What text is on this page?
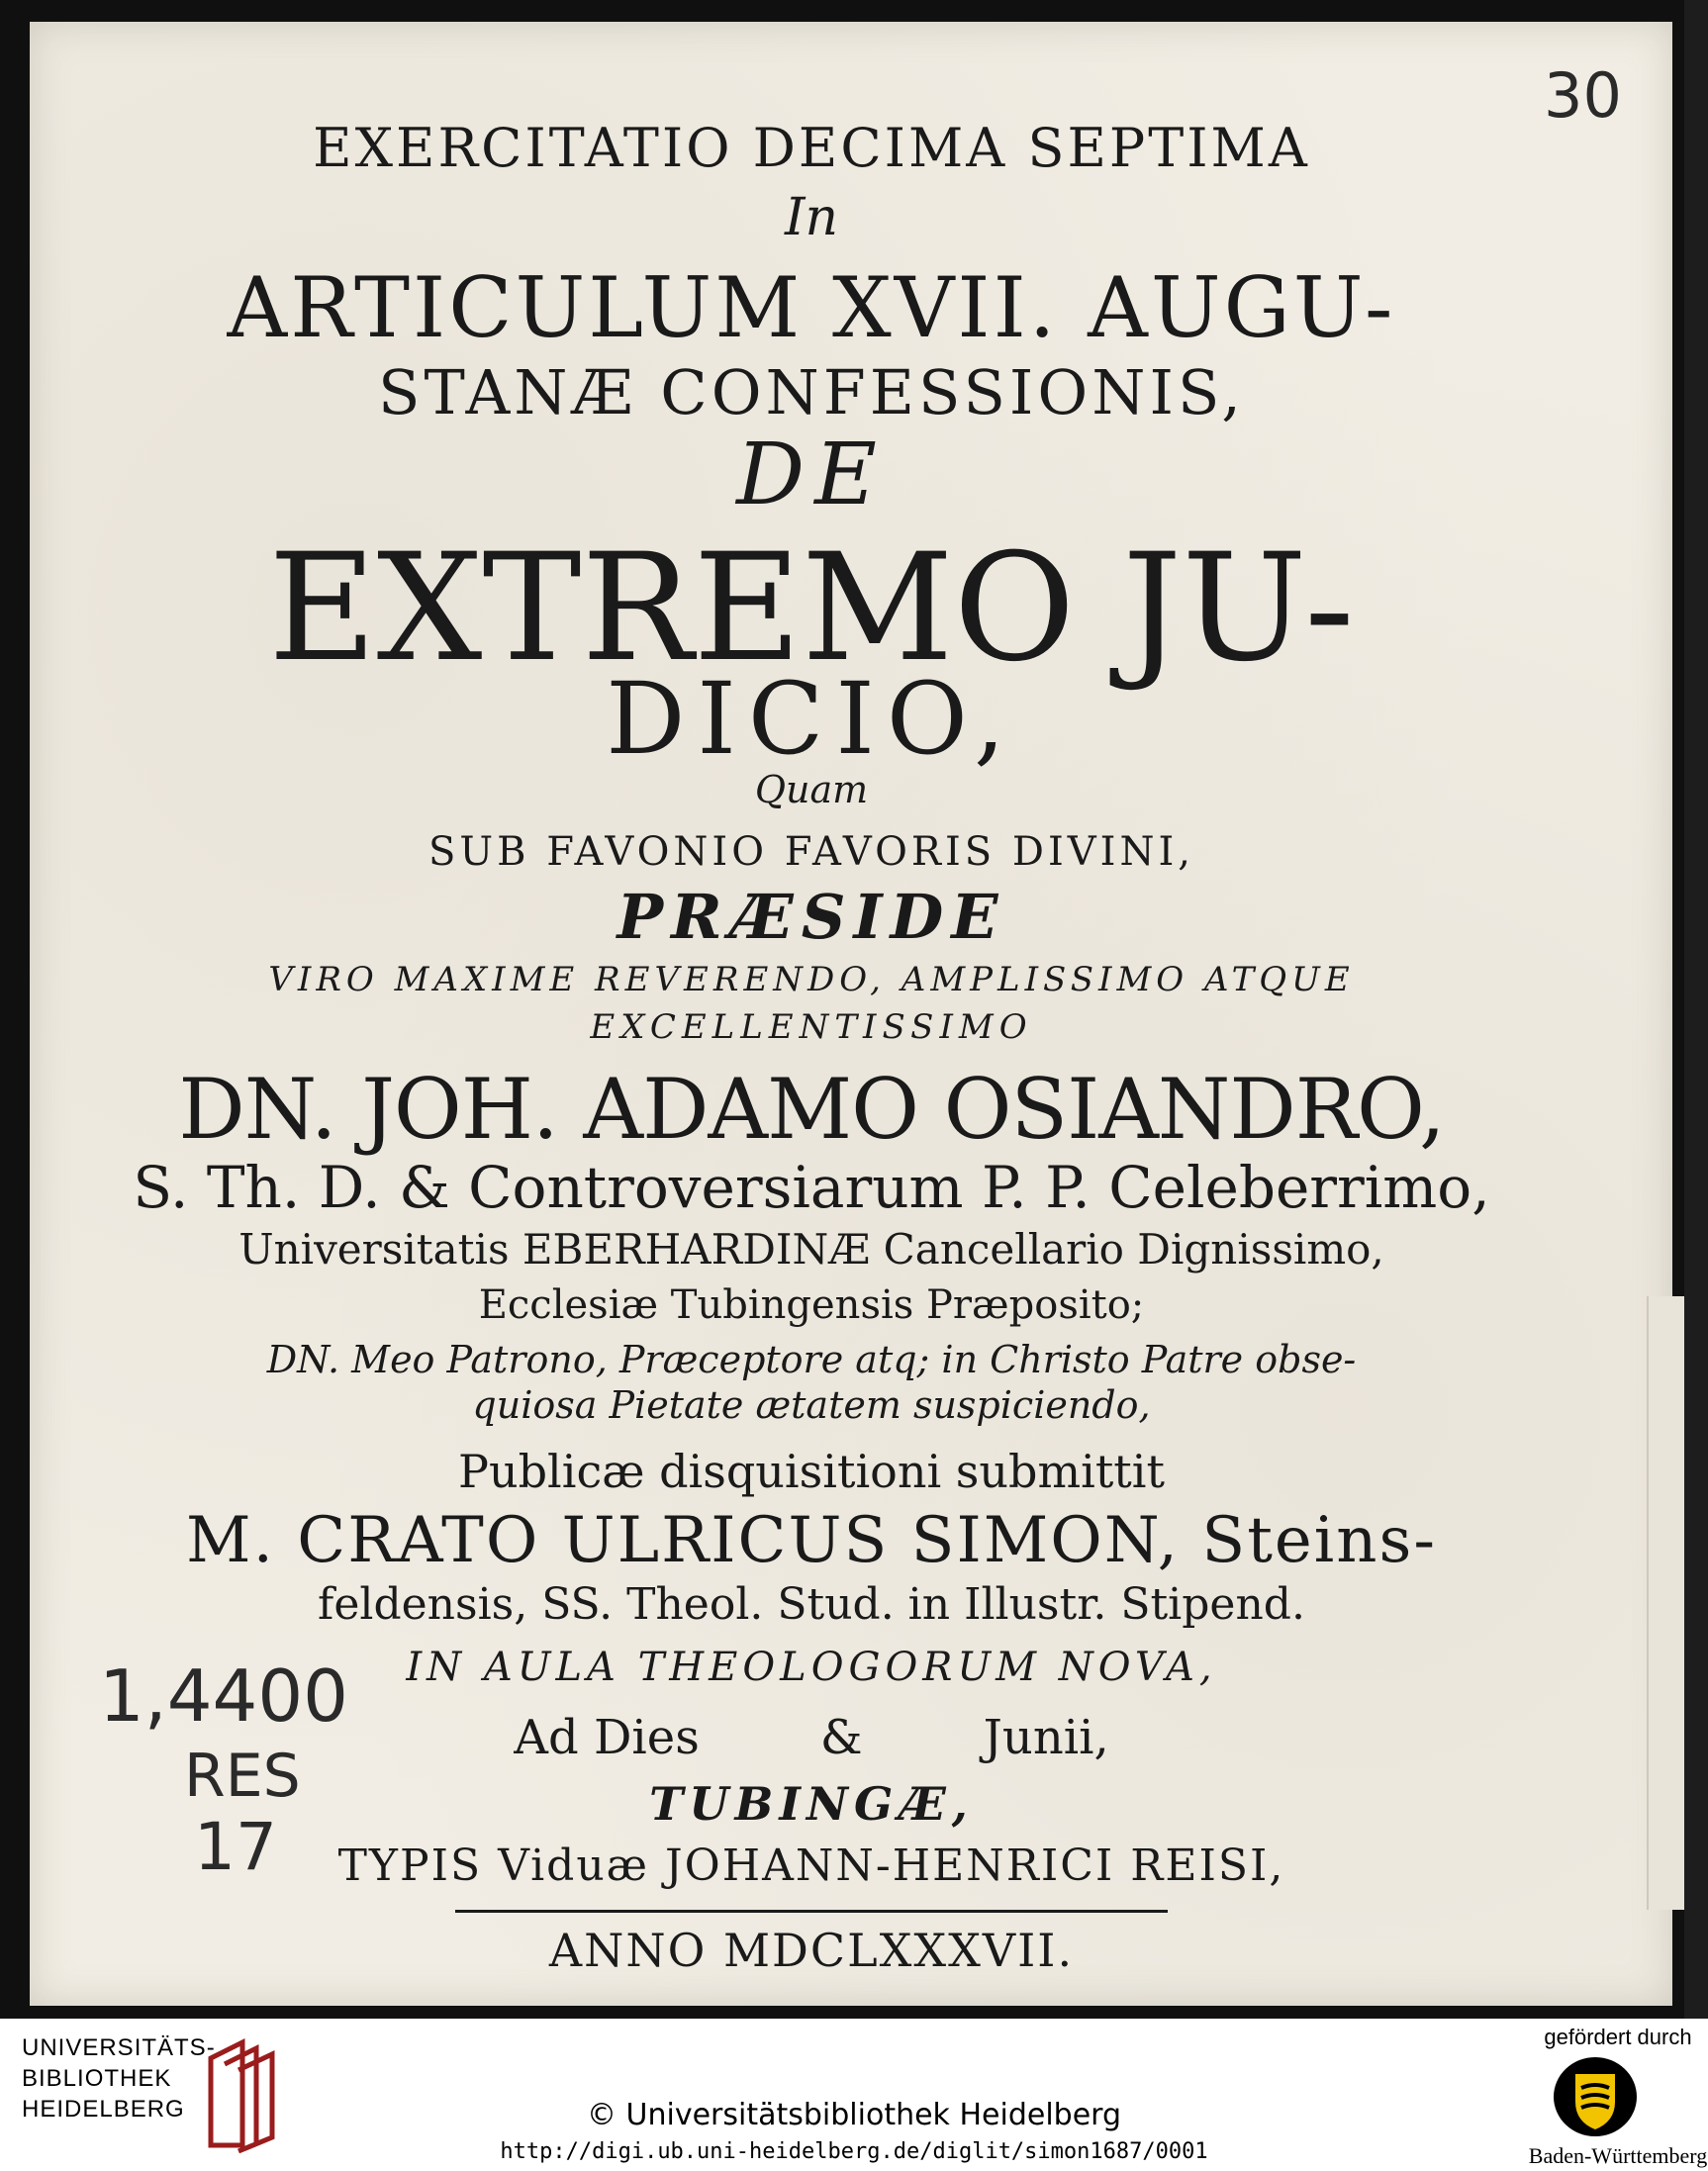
EXERCITATIO DECIMA SEPTIMA
In
ARTICULUM XVII. AUGU-
STANÆ CONFESSIONIS,
DE
EXTREMO JU-
DICIO,
Quam
SUB FAVONIO FAVORIS DIVINI,
PRÆSIDE
VIRO MAXIME REVERENDO, AMPLISSIMO ATQUE
EXCELLENTISSIMO
DN. JOH. ADAMO OSIANDRO,
S. Th. D. & Controversiarum P. P. Celeberrimo,
Universitatis EBERHARDINÆ Cancellario Dignissimo,
Ecclesiæ Tubingensis Præposito;
DN. Meo Patrono, Præceptore atq; in Christo Patre obse-
quiosa Pietate ætatem suspiciendo,
Publicæ disquisitioni submittit
M. CRATO ULRICUS SIMON, Steins-
feldensis, SS. Theol. Stud. in Illustr. Stipend.
IN AULA THEOLOGORUM NOVA,
Ad Dies        &        Junii,
TUBINGÆ,
TYPIS Viduæ JOHANN-HENRICI REISI,
ANNO MDCLXXXVII.
30
1,4400
RES
17
UNIVERSITÄTS-
BIBLIOTHEK
HEIDELBERG	© Universitätsbibliothek Heidelberg
http://digi.ub.uni-heidelberg.de/diglit/simon1687/0001
gefördert durch
Baden-Württemberg
